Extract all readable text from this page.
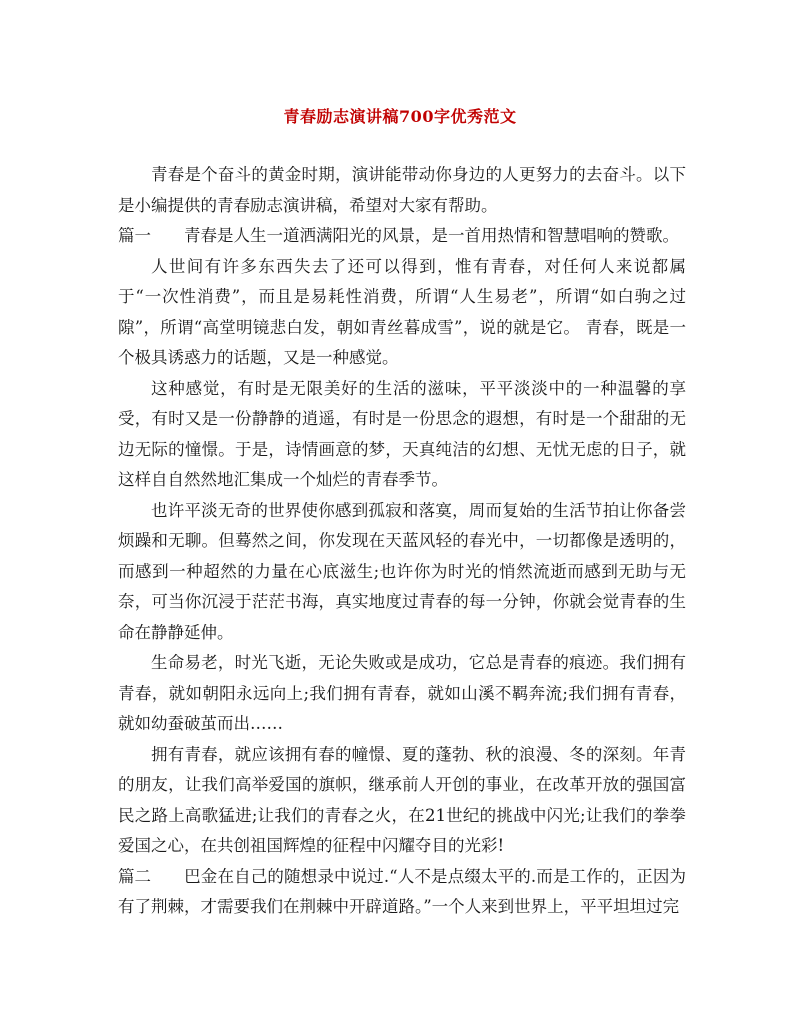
青春励志演讲稿700字优秀范文

青春是个奋斗的黄金时期，演讲能带动你身边的人更努力的去奋斗。以下是小编提供的青春励志演讲稿，希望对大家有帮助。

篇一 青春是人生一道洒满阳光的风景，是一首用热情和智慧唱响的赞歌。

人世间有许多东西失去了还可以得到，惟有青春，对任何人来说都属于“一次性消费”，而且是易耗性消费，所谓“人生易老”，所谓“如白驹之过隙”，所谓“高堂明镜悲白发，朝如青丝暮成雪”，说的就是它。 青春，既是一个极具诱惑力的话题，又是一种感觉。

这种感觉，有时是无限美好的生活的滋味，平平淡淡中的一种温馨的享受，有时又是一份静静的逍遥，有时是一份思念的遐想，有时是一个甜甜的无边无际的憧憬。于是，诗情画意的梦，天真纯洁的幻想、无忧无虑的日子，就这样自自然然地汇集成一个灿烂的青春季节。

也许平淡无奇的世界使你感到孤寂和落寞，周而复始的生活节拍让你备尝烦躁和无聊。但蓦然之间，你发现在天蓝风轻的春光中，一切都像是透明的，而感到一种超然的力量在心底滋生;也许你为时光的悄然流逝而感到无助与无奈，可当你沉浸于茫茫书海，真实地度过青春的每一分钟，你就会觉青春的生命在静静延伸。

生命易老，时光飞逝，无论失败或是成功，它总是青春的痕迹。我们拥有青春，就如朝阳永远向上;我们拥有青春，就如山溪不羁奔流;我们拥有青春，就如幼蚕破茧而出……

拥有青春，就应该拥有春的幢憬、夏的蓬勃、秋的浪漫、冬的深刻。年青的朋友，让我们高举爱国的旗帜，继承前人开创的事业，在改革开放的强国富民之路上高歌猛进;让我们的青春之火，在21世纪的挑战中闪光;让我们的拳拳爱国之心，在共创祖国辉煌的征程中闪耀夺目的光彩!

篇二 巴金在自己的随想录中说过.“人不是点缀太平的.而是工作的，正因为有了荆棘，才需要我们在荆棘中开辟道路。”一个人来到世界上，平平坦坦过完
